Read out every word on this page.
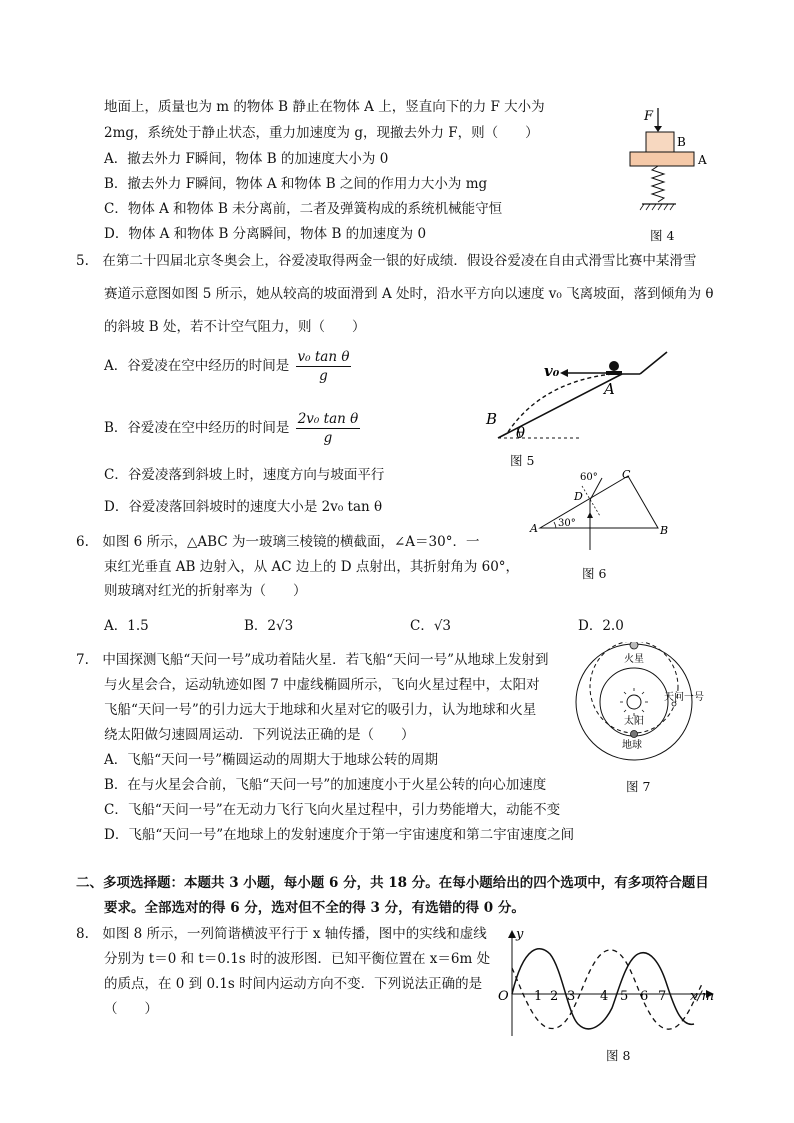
地面上，质量也为 m 的物体 B 静止在物体 A 上，竖直向下的力 F 大小为
2mg，系统处于静止状态，重力加速度为 g，现撤去外力 F，则（　　）
A．撤去外力 F瞬间，物体 B 的加速度大小为 0
B．撤去外力 F瞬间，物体 A 和物体 B 之间的作用力大小为 mg
C．物体 A 和物体 B 未分离前，二者及弹簧构成的系统机械能守恒
D．物体 A 和物体 B 分离瞬间，物体 B 的加速度为 0
F
B
A
图 4
5.　在第二十四届北京冬奥会上，谷爱凌取得两金一银的好成绩．假设谷爱凌在自由式滑雪比赛中某滑雪
赛道示意图如图 5 所示，她从较高的坡面滑到 A 处时，沿水平方向以速度 v₀ 飞离坡面，落到倾角为 θ
的斜坡 B 处，若不计空气阻力，则（　　）
A．谷爱凌在空中经历的时间是 $\frac{\text{v₀ tan θ}}{g}$
B．谷爱凌在空中经历的时间是 $\frac{\text{2v₀ tan θ}}{g}$
C．谷爱凌落到斜坡上时，速度方向与坡面平行
D．谷爱凌落回斜坡时的速度大小是 2v₀ tan θ
v₀
A
B
θ
图 5
6.　如图 6 所示，△ABC 为一玻璃三棱镜的横截面，∠A＝30°．一
束红光垂直 AB 边射入，从 AC 边上的 D 点射出，其折射角为 60°，
则玻璃对红光的折射率为（　　）
A．1.5	B．2√3	C．√3	D．2.0
60°
30°
A	B
C
D
图 6
7.　中国探测飞船“天问一号”成功着陆火星．若飞船“天问一号”从地球上发射到
与火星会合，运动轨迹如图 7 中虚线椭圆所示，飞向火星过程中，太阳对
飞船“天问一号”的引力远大于地球和火星对它的吸引力，认为地球和火星
绕太阳做匀速圆周运动．下列说法正确的是（　　）
A．飞船“天问一号”椭圆运动的周期大于地球公转的周期
B．在与火星会合前，飞船“天问一号”的加速度小于火星公转的向心加速度
C．飞船“天问一号”在无动力飞行飞向火星过程中，引力势能增大，动能不变
D．飞船“天问一号”在地球上的发射速度介于第一宇宙速度和第二宇宙速度之间
火星
天问一号
太阳
地球
图 7
二、多项选择题：本题共 3 小题，每小题 6 分，共 18 分。在每小题给出的四个选项中，有多项符合题目
要求。全部选对的得 6 分，选对但不全的得 3 分，有选错的得 0 分。
8.　如图 8 所示，一列简谐横波平行于 x 轴传播，图中的实线和虚线
分别为 t＝0 和 t＝0.1s 时的波形图．已知平衡位置在 x＝6m 处
的质点，在 0 到 0.1s 时间内运动方向不变．下列说法正确的是
（　　）
y
O	x/m
1 2 3 4 5 6 7
图 8
